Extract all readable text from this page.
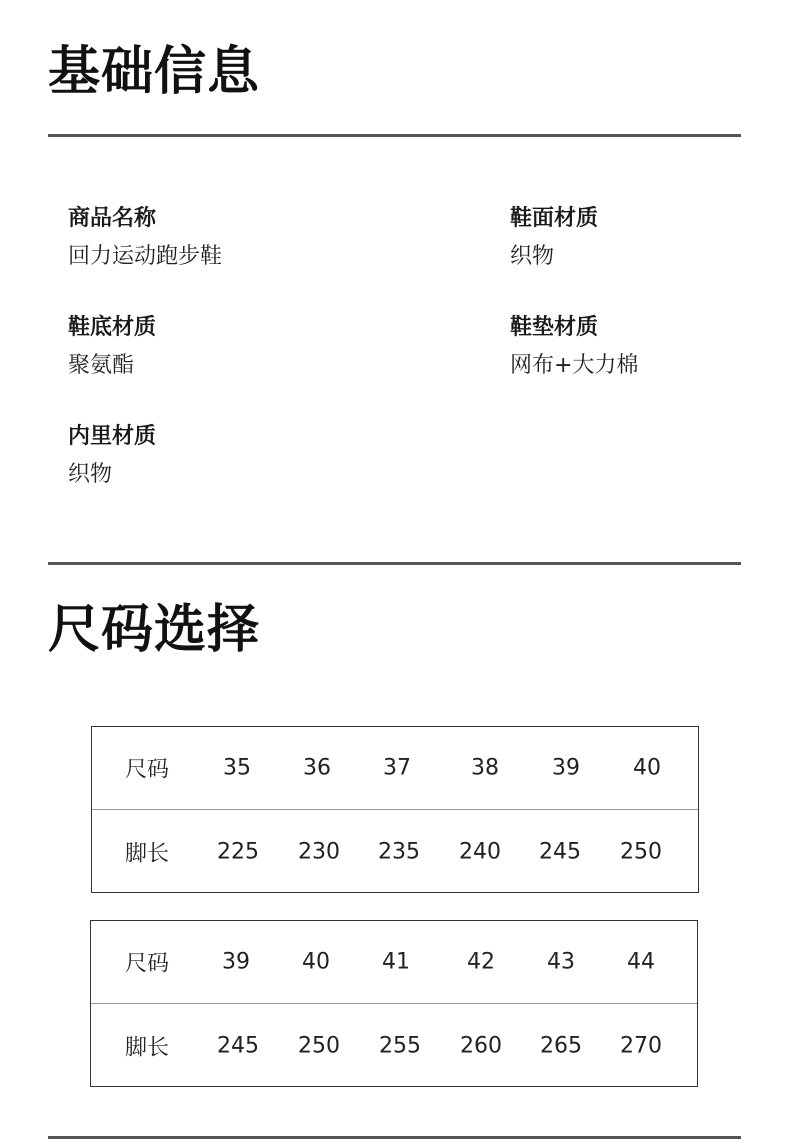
基础信息
商品名称
回力运动跑步鞋
鞋面材质
织物
鞋底材质
聚氨酯
鞋垫材质
网布+大力棉
内里材质
织物
尺码选择
尺码 35 36 37	38 39 40
脚长 225 230 235 240 245 250
尺码 39 40 41	42 43 44
脚长 245 250 255 260 265 270
